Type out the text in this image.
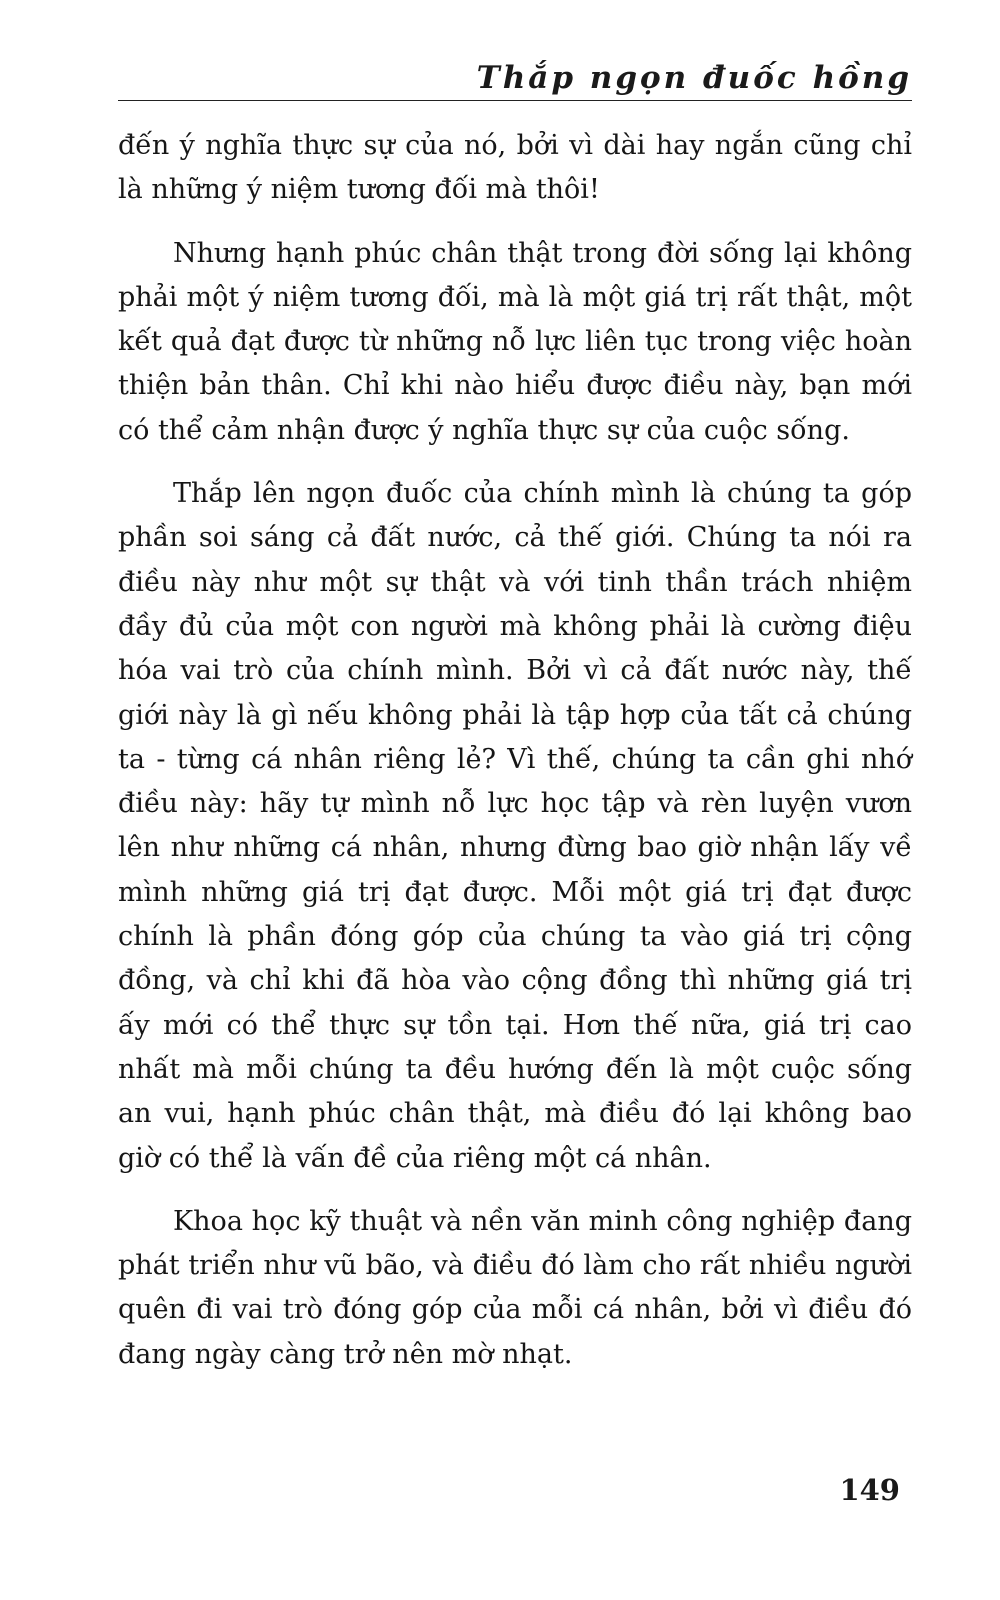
Thắp ngọn đuốc hồng

đến ý nghĩa thực sự của nó, bởi vì dài hay ngắn cũng chỉ là những ý niệm tương đối mà thôi!

Nhưng hạnh phúc chân thật trong đời sống lại không phải một ý niệm tương đối, mà là một giá trị rất thật, một kết quả đạt được từ những nỗ lực liên tục trong việc hoàn thiện bản thân. Chỉ khi nào hiểu được điều này, bạn mới có thể cảm nhận được ý nghĩa thực sự của cuộc sống.

Thắp lên ngọn đuốc của chính mình là chúng ta góp phần soi sáng cả đất nước, cả thế giới. Chúng ta nói ra điều này như một sự thật và với tinh thần trách nhiệm đầy đủ của một con người mà không phải là cường điệu hóa vai trò của chính mình. Bởi vì cả đất nước này, thế giới này là gì nếu không phải là tập hợp của tất cả chúng ta - từng cá nhân riêng lẻ? Vì thế, chúng ta cần ghi nhớ điều này: hãy tự mình nỗ lực học tập và rèn luyện vươn lên như những cá nhân, nhưng đừng bao giờ nhận lấy về mình những giá trị đạt được. Mỗi một giá trị đạt được chính là phần đóng góp của chúng ta vào giá trị cộng đồng, và chỉ khi đã hòa vào cộng đồng thì những giá trị ấy mới có thể thực sự tồn tại. Hơn thế nữa, giá trị cao nhất mà mỗi chúng ta đều hướng đến là một cuộc sống an vui, hạnh phúc chân thật, mà điều đó lại không bao giờ có thể là vấn đề của riêng một cá nhân.

Khoa học kỹ thuật và nền văn minh công nghiệp đang phát triển như vũ bão, và điều đó làm cho rất nhiều người quên đi vai trò đóng góp của mỗi cá nhân, bởi vì điều đó đang ngày càng trở nên mờ nhạt.

149
